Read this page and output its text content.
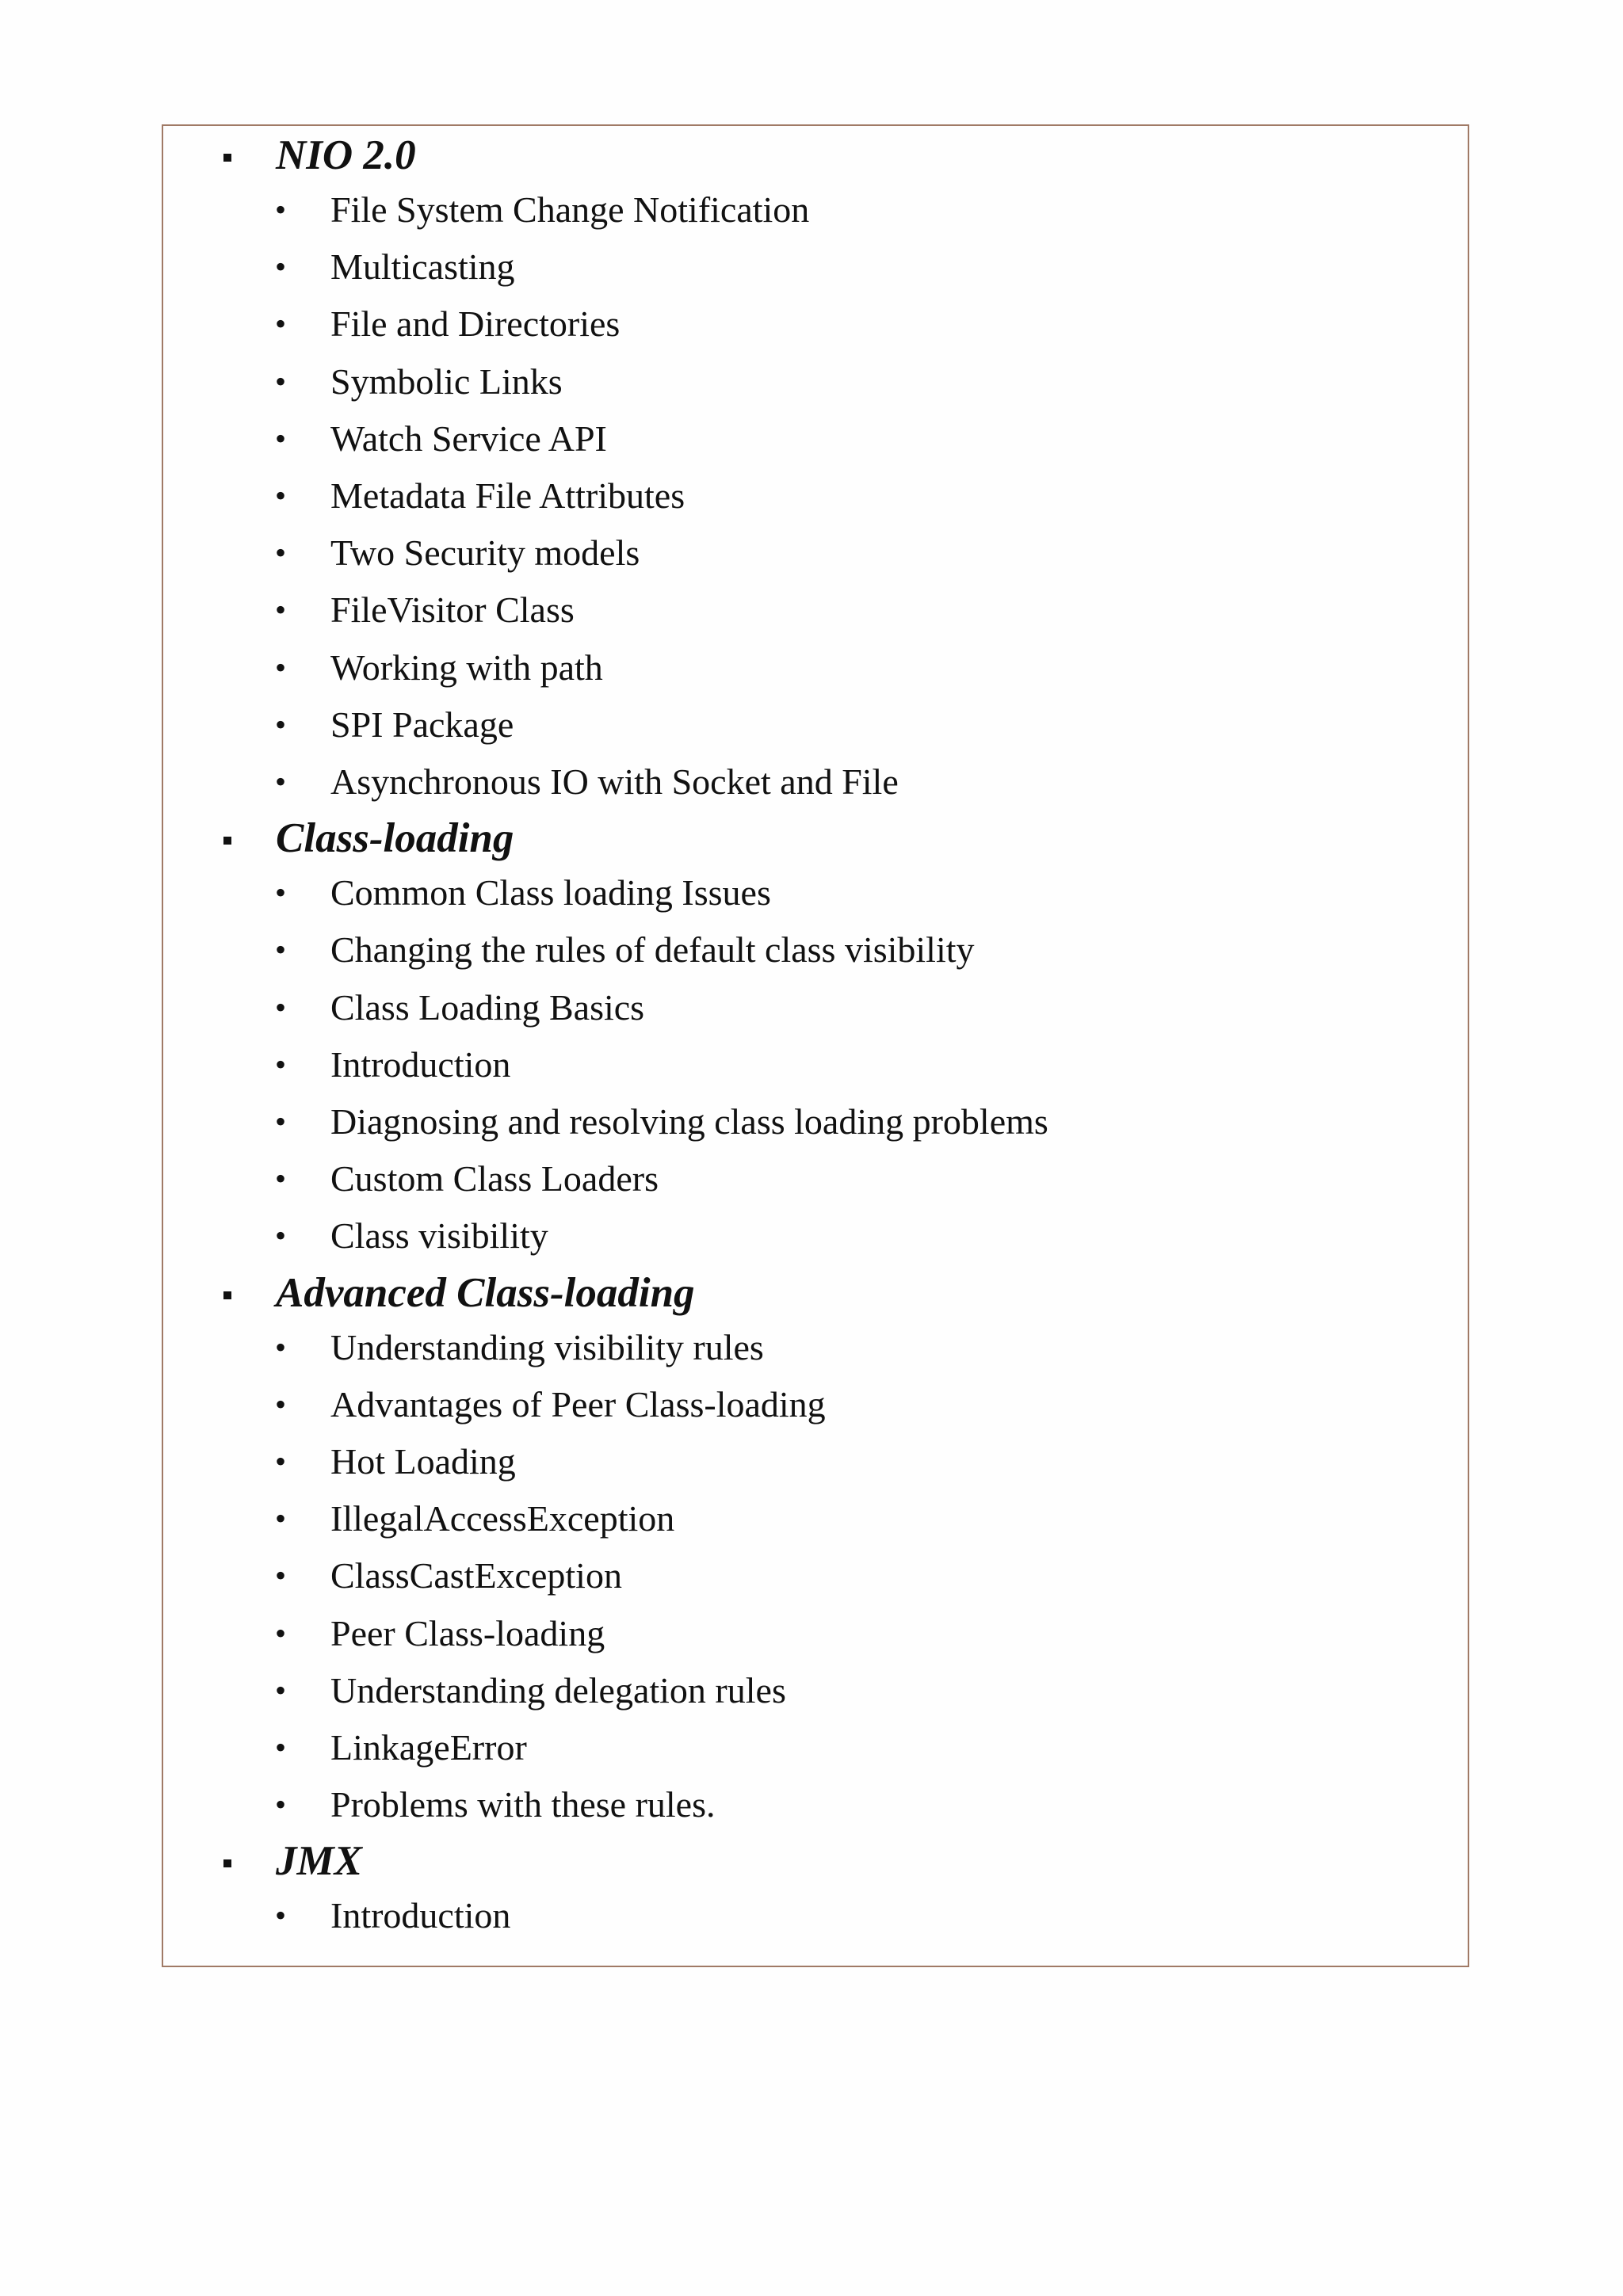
NIO 2.0
• File System Change Notification
• Multicasting
• File and Directories
• Symbolic Links
• Watch Service API
• Metadata File Attributes
• Two Security models
• FileVisitor Class
• Working with path
• SPI Package
• Asynchronous IO with Socket and File
Class-loading
• Common Class loading Issues
• Changing the rules of default class visibility
• Class Loading Basics
• Introduction
• Diagnosing and resolving class loading problems
• Custom Class Loaders
• Class visibility
Advanced Class-loading
• Understanding visibility rules
• Advantages of Peer Class-loading
• Hot Loading
• IllegalAccessException
• ClassCastException
• Peer Class-loading
• Understanding delegation rules
• LinkageError
• Problems with these rules.
JMX
• Introduction
